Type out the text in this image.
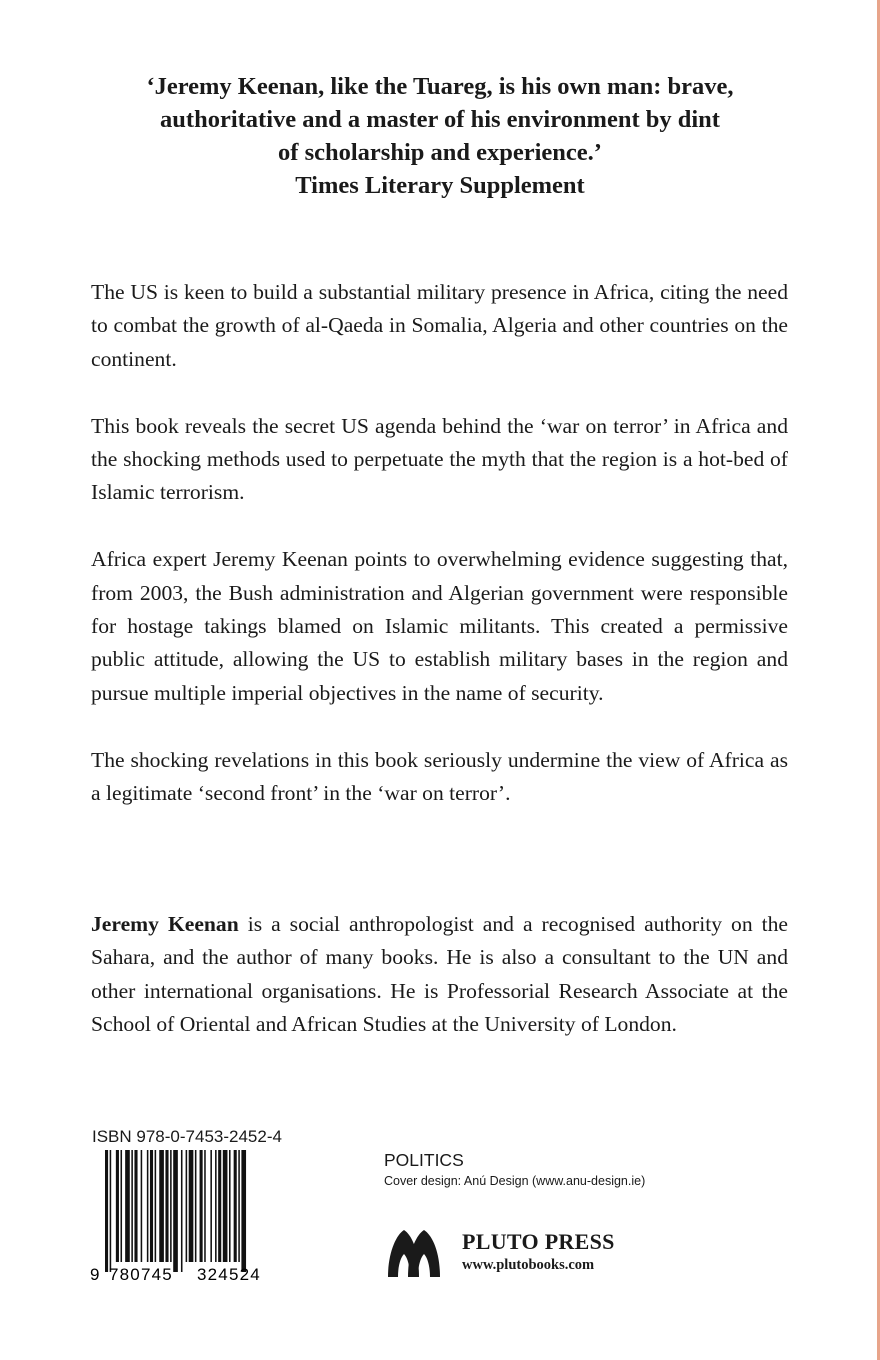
‘Jeremy Keenan, like the Tuareg, is his own man: brave,
authoritative and a master of his environment by dint
of scholarship and experience.’
Times Literary Supplement

The US is keen to build a substantial military presence in Africa, citing the need to combat the growth of al-Qaeda in Somalia, Algeria and other countries on the continent.

This book reveals the secret US agenda behind the ‘war on terror’ in Africa and the shocking methods used to perpetuate the myth that the region is a hot-bed of Islamic terrorism.

Africa expert Jeremy Keenan points to overwhelming evidence suggesting that, from 2003, the Bush administration and Algerian government were responsible for hostage takings blamed on Islamic militants. This created a permissive public attitude, allowing the US to establish military bases in the region and pursue multiple imperial objectives in the name of security.

The shocking revelations in this book seriously undermine the view of Africa as a legitimate ‘second front’ in the ‘war on terror’.

Jeremy Keenan is a social anthropologist and a recognised authority on the Sahara, and the author of many books. He is also a consultant to the UN and other international organisations. He is Professorial Research Associate at the School of Oriental and African Studies at the University of London.
ISBN 978-0-7453-2452-4
9 780745 324524
POLITICS
Cover design: Anú Design (www.anu-design.ie)
PLUTO PRESS
www.plutobooks.com
